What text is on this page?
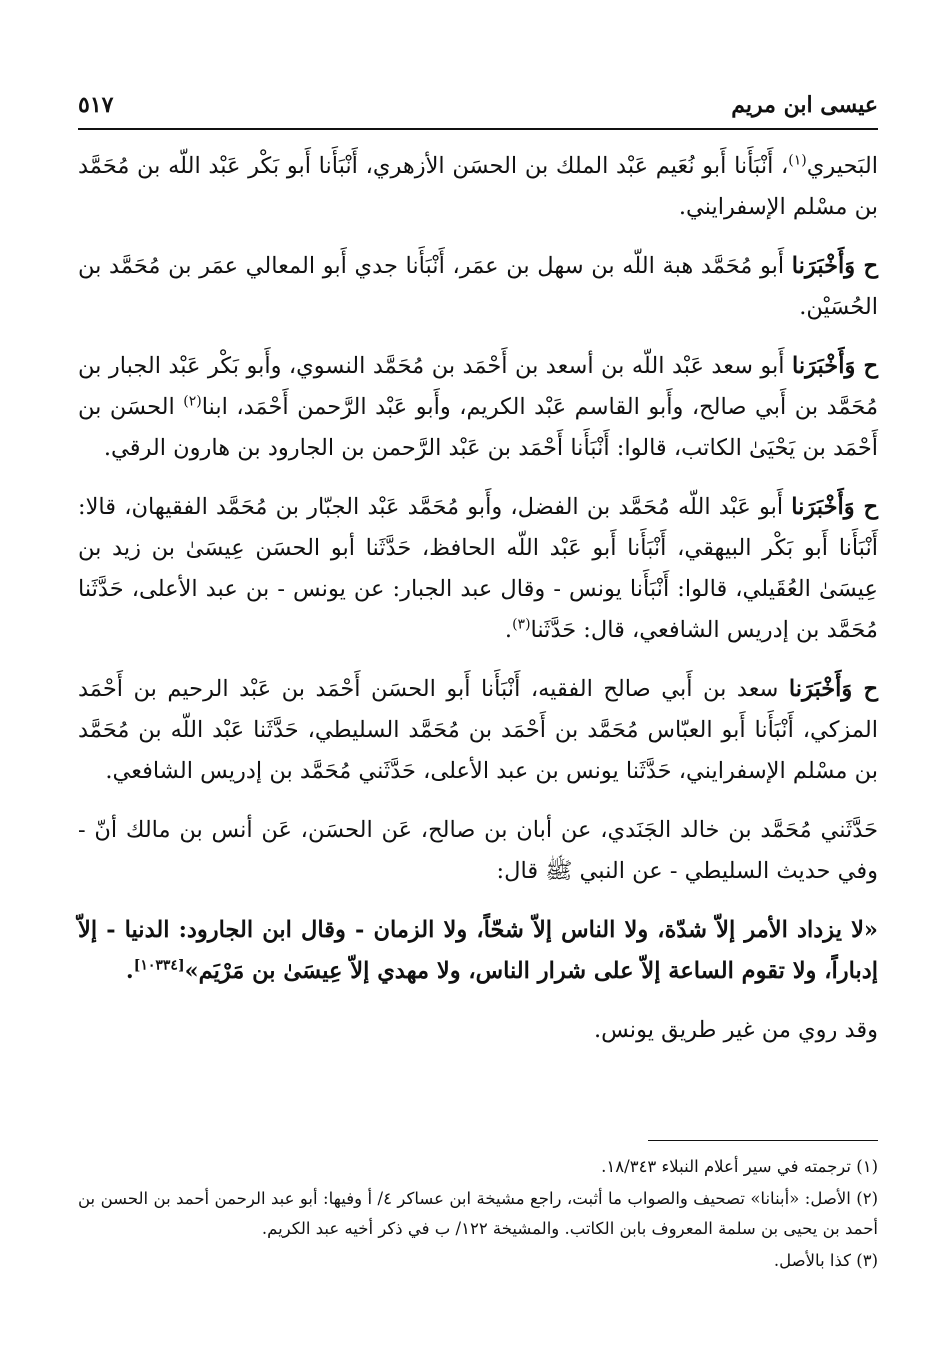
عيسى ابن مريم
٥١٧

البَحيري$^{(١)}$، أَنْبَأَنا أَبو نُعَيم عَبْد الملك بن الحسَن الأزهري، أَنْبَأَنا أَبو بَكْر عَبْد اللّه بن مُحَمَّد بن مسْلم الإسفرايني.

ح وَأَخْبَرَنا أَبو مُحَمَّد هبة اللّه بن سهل بن عمَر، أَنْبَأَنا جدي أَبو المعالي عمَر بن مُحَمَّد بن الحُسَيْن.

ح وَأَخْبَرَنا أَبو سعد عَبْد اللّه بن أسعد بن أَحْمَد بن مُحَمَّد النسوي، وأَبو بَكْر عَبْد الجبار بن مُحَمَّد بن أَبي صالح، وأَبو القاسم عَبْد الكريم، وأَبو عَبْد الرَّحمن أَحْمَد، ابنا$^{(٢)}$ الحسَن بن أَحْمَد بن يَحْيَىٰ الكاتب، قالوا: أَنْبَأَنا أَحْمَد بن عَبْد الرَّحمن بن الجارود بن هارون الرقي.

ح وَأَخْبَرَنا أَبو عَبْد اللّه مُحَمَّد بن الفضل، وأَبو مُحَمَّد عَبْد الجبّار بن مُحَمَّد الفقيهان، قالا: أَنْبَأَنا أَبو بَكْر البيهقي، أَنْبَأَنا أَبو عَبْد اللّه الحافظ، حَدَّثَنا أبو الحسَن عِيسَىٰ بن زيد بن عِيسَىٰ العُقَيلي، قالوا: أَنْبَأَنا يونس - وقال عبد الجبار: عن يونس - بن عبد الأعلى، حَدَّثَنا مُحَمَّد بن إدريس الشافعي، قال: حَدَّثَنا$^{(٣)}$.

ح وَأَخْبَرَنا سعد بن أَبي صالح الفقيه، أَنْبَأَنا أَبو الحسَن أَحْمَد بن عَبْد الرحيم بن أَحْمَد المزكي، أَنْبَأَنا أَبو العبّاس مُحَمَّد بن أَحْمَد بن مُحَمَّد السليطي، حَدَّثَنا عَبْد اللّه بن مُحَمَّد بن مسْلم الإسفرايني، حَدَّثَنا يونس بن عبد الأعلى، حَدَّثَني مُحَمَّد بن إدريس الشافعي.

حَدَّثَني مُحَمَّد بن خالد الجَنَدي، عن أبان بن صالح، عَن الحسَن، عَن أنس بن مالك أنّ - وفي حديث السليطي - عن النبي ﷺ قال:

«لا يزداد الأمر إلاّ شدّة، ولا الناس إلاّ شحّاً، ولا الزمان - وقال ابن الجارود: الدنيا - إلاّ إدباراً، ولا تقوم الساعة إلاّ على شرار الناس، ولا مهدي إلاّ عِيسَىٰ بن مَرْيَم»[١٠٣٣٤].

وقد روي من غير طريق يونس.

(١) ترجمته في سير أعلام النبلاء ١٨/٣٤٣.

(٢) الأصل: «أبنانا» تصحيف والصواب ما أثبت، راجع مشيخة ابن عساكر ٤/ أ وفيها: أبو عبد الرحمن أحمد بن الحسن بن أحمد بن يحيى بن سلمة المعروف بابن الكاتب. والمشيخة ١٢٢/ ب في ذكر أخيه عبد الكريم.

(٣) كذا بالأصل.
